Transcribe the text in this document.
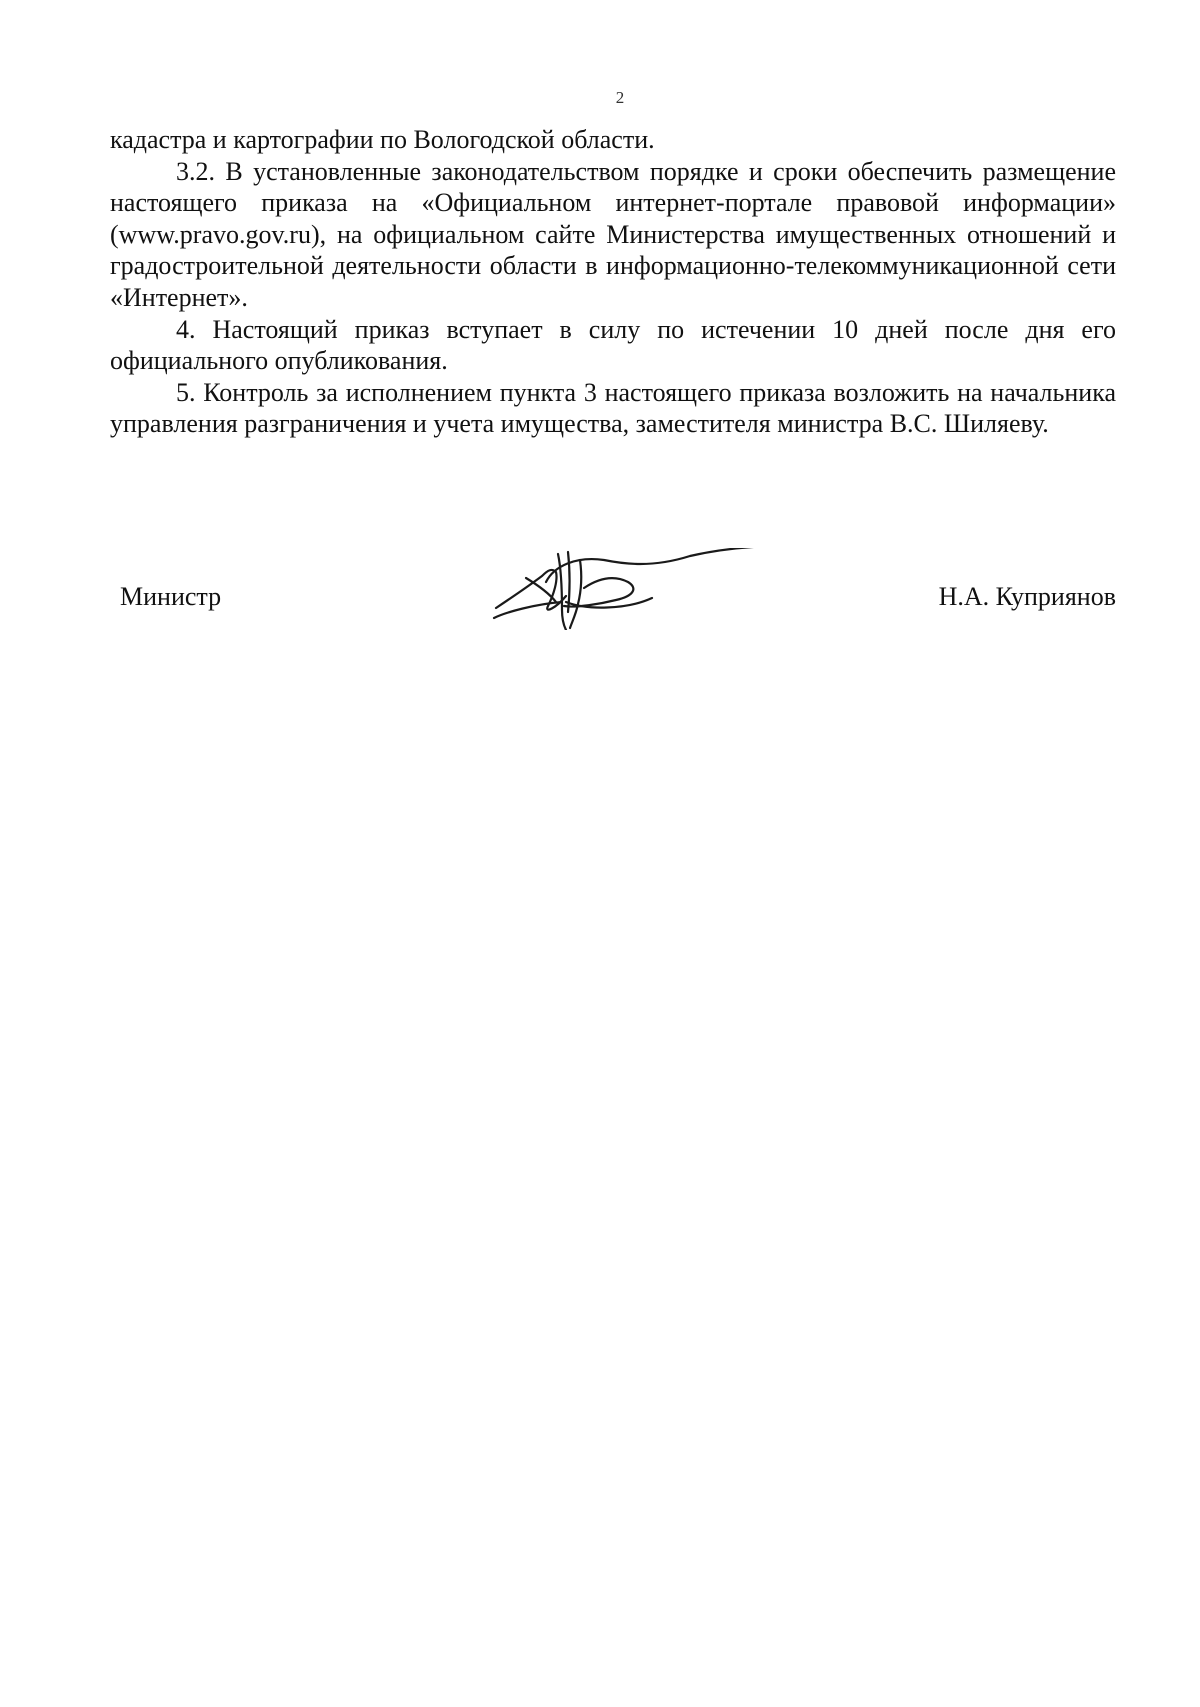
2

кадастра и картографии по Вологодской области.

3.2. В установленные законодательством порядке и сроки обеспечить размещение настоящего приказа на «Официальном интернет-портале правовой информации» (www.pravo.gov.ru), на официальном сайте Министерства имущественных отношений и градостроительной деятельности области в информационно-телекоммуникационной сети «Интернет».

4. Настоящий приказ вступает в силу по истечении 10 дней после дня его официального опубликования.

5. Контроль за исполнением пункта 3 настоящего приказа возложить на начальника управления разграничения и учета имущества, заместителя министра В.С. Шиляеву.

Министр	Н.А. Куприянов
